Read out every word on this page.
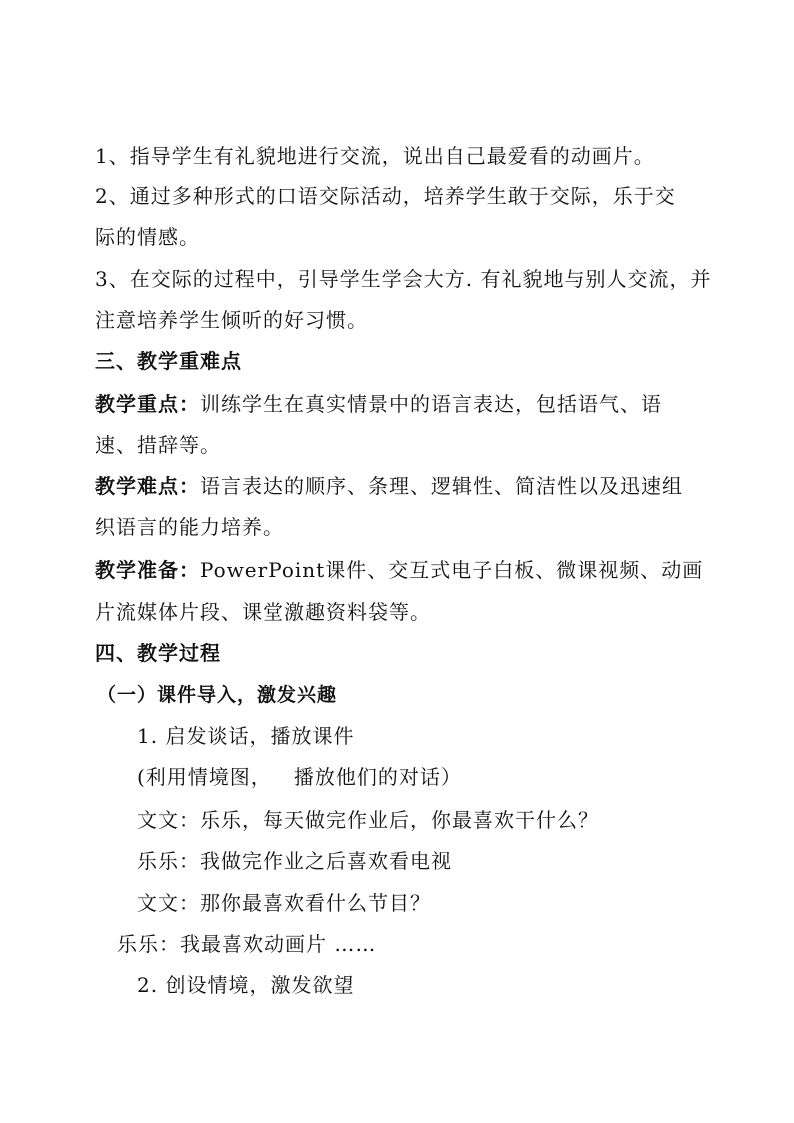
1、指导学生有礼貌地进行交流，说出自己最爱看的动画片。
2、通过多种形式的口语交际活动，培养学生敢于交际，乐于交
际的情感。
3、在交际的过程中，引导学生学会大方. 有礼貌地与别人交流，并
注意培养学生倾听的好习惯。
三、教学重难点
教学重点：训练学生在真实情景中的语言表达，包括语气、语
速、措辞等。
教学难点：语言表达的顺序、条理、逻辑性、简洁性以及迅速组
织语言的能力培养。
教学准备：PowerPoint课件、交互式电子白板、微课视频、动画
片流媒体片段、课堂激趣资料袋等。
四、教学过程
（一）课件导入，激发兴趣
1. 启发谈话，播放课件
(利用情境图，   播放他们的对话）
文文：乐乐，每天做完作业后，你最喜欢干什么？
乐乐：我做完作业之后喜欢看电视
文文：那你最喜欢看什么节目？
乐乐：我最喜欢动画片 ……
2. 创设情境，激发欲望
